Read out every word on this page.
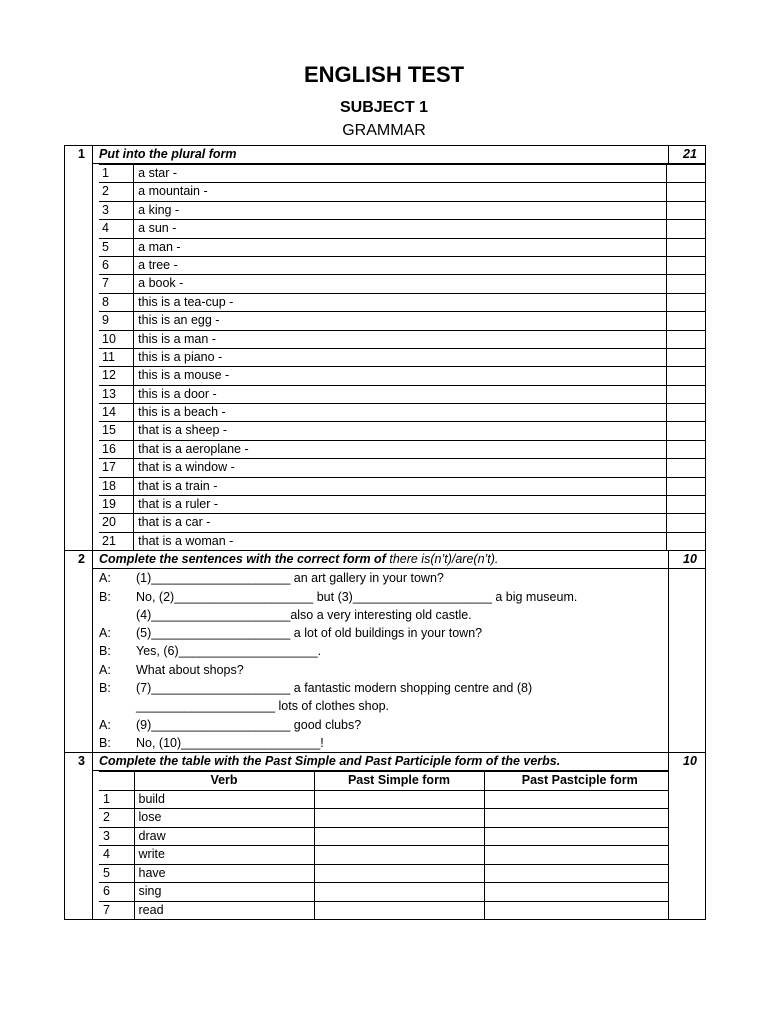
ENGLISH TEST
SUBJECT 1
GRAMMAR
1	Put into the plural form	21

1	a star -	
2	a mountain -	
3	a king -	
4	a sun -	
5	a man -	
6	a tree -	
7	a book -	
8	this is a tea-cup -	
9	this is an egg -	
10	this is a man -	
11	this is a piano -	
12	this is a mouse -	
13	this is a door -	
14	this is a beach -	
15	that is a sheep -	
16	that is a aeroplane -	
17	that is a window -	
18	that is a train -	
19	that is a ruler -	
20	that is a car -	
21	that is a woman -	

2	Complete the sentences with the correct form of there is(n’t)/are(n’t).	10

A:	(1)____________________ an art gallery in your town?
B:	No, (2)____________________ but (3)____________________ a big museum.
(4)____________________also a very interesting old castle.
A:	(5)____________________ a lot of old buildings in your town?
B:	Yes, (6)____________________.
A:	What about shops?
B:	(7)____________________ a fantastic modern shopping centre and (8)
____________________ lots of clothes shop.
A:	(9)____________________ good clubs?
B:	No, (10)____________________!

3	Complete the table with the Past Simple and Past Participle form of the verbs.	10

	Verb	Past Simple form	Past Pastciple form
1	build		
2	lose		
3	draw		
4	write		
5	have		
6	sing		
7	read		
